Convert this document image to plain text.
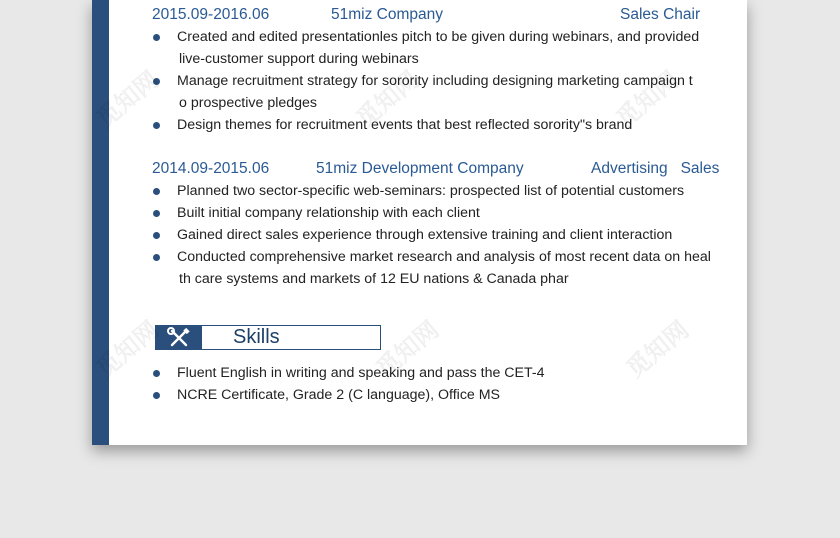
2015.09-2016.06	51miz Company	Sales Chair
Created and edited presentationles pitch to be given during webinars, and provided
live-customer support during webinars
Manage recruitment strategy for sorority including designing marketing campaign t
o prospective pledges
Design themes for recruitment events that best reflected sorority"s brand
2014.09-2015.06	51miz Development Company	Advertising   Sales
Planned two sector-specific web-seminars: prospected list of potential customers
Built initial company relationship with each client
Gained direct sales experience through extensive training and client interaction
Conducted comprehensive market research and analysis of most recent data on heal
th care systems and markets of 12 EU nations & Canada phar
Skills
Fluent English in writing and speaking and pass the CET-4
NCRE Certificate, Grade 2 (C language), Office MS
